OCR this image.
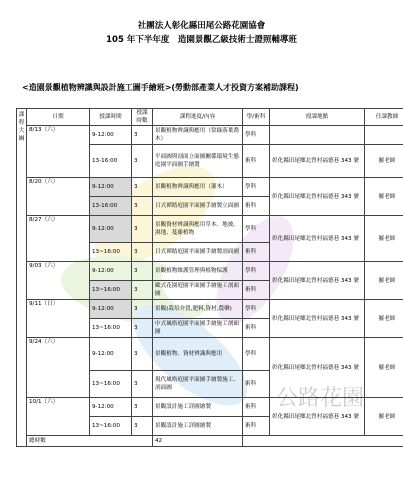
公路花園
社團法人彰化縣田尾公路花園協會
105 年下半年度　造園景觀乙級技術士證照輔導班
<造園景觀植物辨識與設計施工圖手繪班>(勞動部產業人才投資方案補助課程)
課
程
大
綱	日期	授課時間	授課時數	課程進度/內容	學/術科	授課地點	任課教師
	8/13（六）	9-12:00	3	景觀植物辨識與應用（常綠落葉喬木）	學科		
		13-16:00	3	平面圖與剖面立面圖關係環境生態庭園平面圖手繪製	術科	彰化縣田尾鄉北曾村福德巷 343 號	羅老師
	8/20（六）	9-12:00	3	景觀植物辨識與應用（灌木）	學科	彰化縣田尾鄉北曾村福德巷 343 號	羅老師
		13-16:00	3	日式禪踏庭園平面圖手繪製立面圖	術科		
	8/27（六）	9-12:00	3	景觀資材辨識與應用草本、地被、濕地、蔓藤植物	學科	彰化縣田尾鄉北曾村福德巷 343 號	羅老師
		13~16:00	3	日式禪踏庭園平面圖手繪製剖面圖	術科		
	9/03（六）	9-12:00	3	景觀植物維護管理與植物保護	學科	彰化縣田尾鄉北曾村福德巷 343 號	羅老師
		13~16:00	3	歐式花園庭園平面圖手繪施工剖面圖	術科		
	9/11（日）	9-12:00	3	景觀(栽培介質,肥料,資材,農藥)	學科	彰化縣田尾鄉北曾村福德巷 343 號	羅老師
		13~16:00	3	中式風格庭園平面圖手繪施工剖面圖	術科		
	9/24（六）	9-12:00	3	景觀植物、資材辨識與應用	學科	彰化縣田尾鄉北曾村福德巷 343 號	羅老師
		13~16:00	3	現代風格庭園平面圖手繪製施工、剖面圖	術科		
	10/1（六）	9-12:00	3	景觀設計施工詳圖繪製	術科	彰化縣田尾鄉北曾村福德巷 343 號	羅老師
		13~16:00	3	景觀設計施工詳圖繪製	術科		
	總時數			42			
